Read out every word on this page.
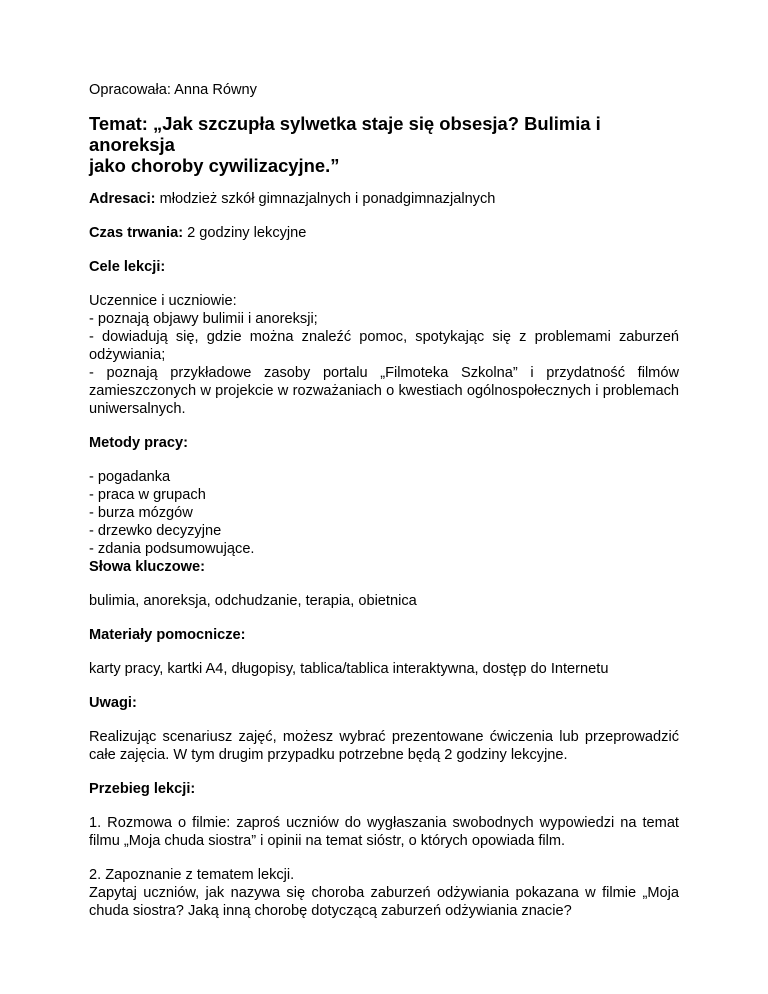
Opracowała: Anna Równy

Temat: „Jak szczupła sylwetka staje się obsesja? Bulimia i anoreksja
jako choroby cywilizacyjne.”

Adresaci: młodzież szkół gimnazjalnych i ponadgimnazjalnych

Czas trwania: 2 godziny lekcyjne

Cele lekcji:

Uczennice i uczniowie:

- poznają objawy bulimii i anoreksji;

- dowiadują się, gdzie można znaleźć pomoc, spotykając się z problemami zaburzeń odżywiania;

- poznają przykładowe zasoby portalu „Filmoteka Szkolna” i przydatność filmów zamieszczonych w projekcie w rozważaniach o kwestiach ogólnospołecznych i problemach uniwersalnych.

Metody pracy:

- pogadanka
- praca w grupach
- burza mózgów
- drzewko decyzyjne
- zdania podsumowujące.

Słowa kluczowe:

bulimia, anoreksja, odchudzanie, terapia, obietnica

Materiały pomocnicze:

karty pracy, kartki A4, długopisy, tablica/tablica interaktywna, dostęp do Internetu

Uwagi:

Realizując scenariusz zajęć, możesz wybrać prezentowane ćwiczenia lub przeprowadzić całe zajęcia. W tym drugim przypadku potrzebne będą 2 godziny lekcyjne.

Przebieg lekcji:

1. Rozmowa o filmie: zaproś uczniów do wygłaszania swobodnych wypowiedzi na temat filmu „Moja chuda siostra” i opinii na temat sióstr, o których opowiada film.

2. Zapoznanie z tematem lekcji.

Zapytaj uczniów, jak nazywa się choroba zaburzeń odżywiania pokazana w filmie „Moja chuda siostra? Jaką inną chorobę dotyczącą zaburzeń odżywiania znacie?
